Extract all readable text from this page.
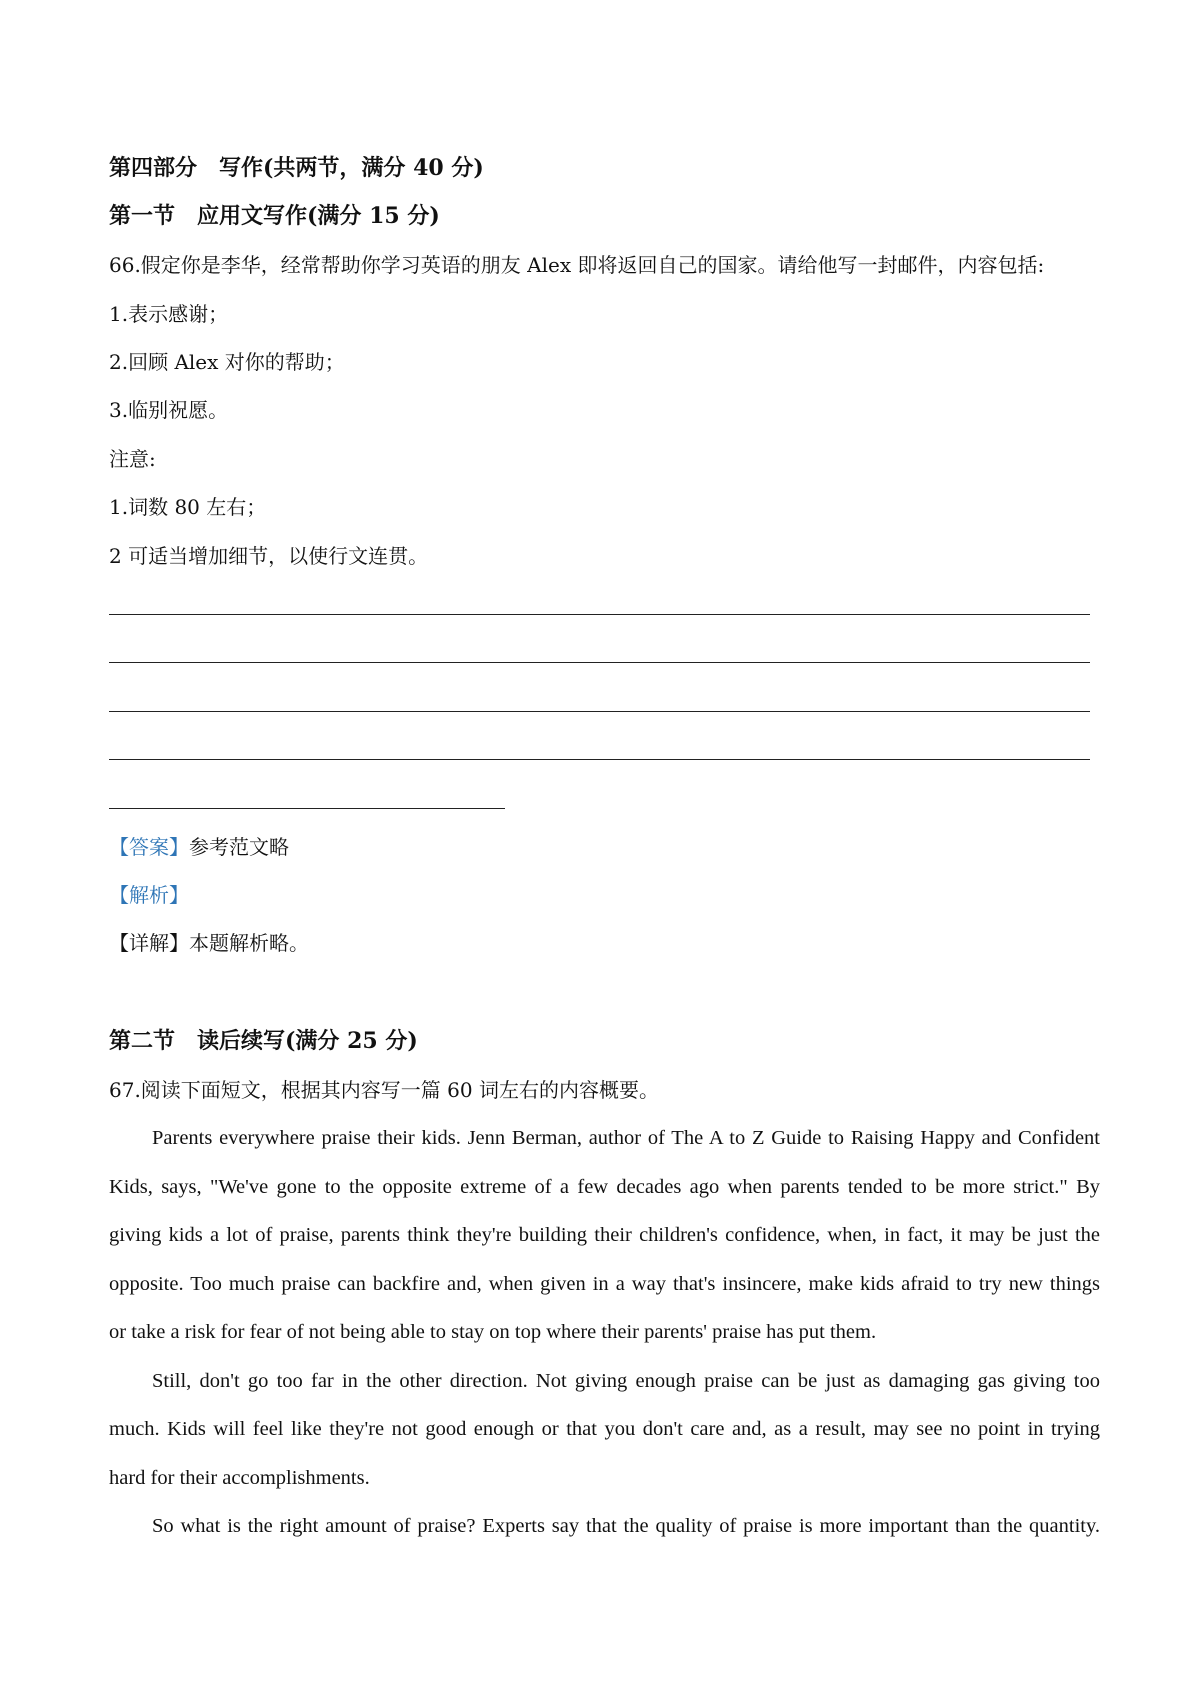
第四部分　写作(共两节，满分 40 分)
第一节　应用文写作(满分 15 分)
66.假定你是李华，经常帮助你学习英语的朋友 Alex 即将返回自己的国家。请给他写一封邮件，内容包括:
1.表示感谢；
2.回顾 Alex 对你的帮助；
3.临别祝愿。
注意:
1.词数 80 左右；
2 可适当增加细节，以使行文连贯。
【答案】参考范文略
【解析】
【详解】本题解析略。
第二节　读后续写(满分 25 分)
67.阅读下面短文，根据其内容写一篇 60 词左右的内容概要。
Parents everywhere praise their kids. Jenn Berman, author of The A to Z Guide to Raising Happy and Confident
Kids, says, "We've gone to the opposite extreme of a few decades ago when parents tended to be more strict." By
giving kids a lot of praise, parents think they're building their children's confidence, when, in fact, it may be just the
opposite. Too much praise can backfire and, when given in a way that's insincere, make kids afraid to try new things
or take a risk for fear of not being able to stay on top where their parents' praise has put them.
Still, don't go too far in the other direction. Not giving enough praise can be just as damaging gas giving too
much. Kids will feel like they're not good enough or that you don't care and, as a result, may see no point in trying
hard for their accomplishments.
So what is the right amount of praise? Experts say that the quality of praise is more important than the quantity.
